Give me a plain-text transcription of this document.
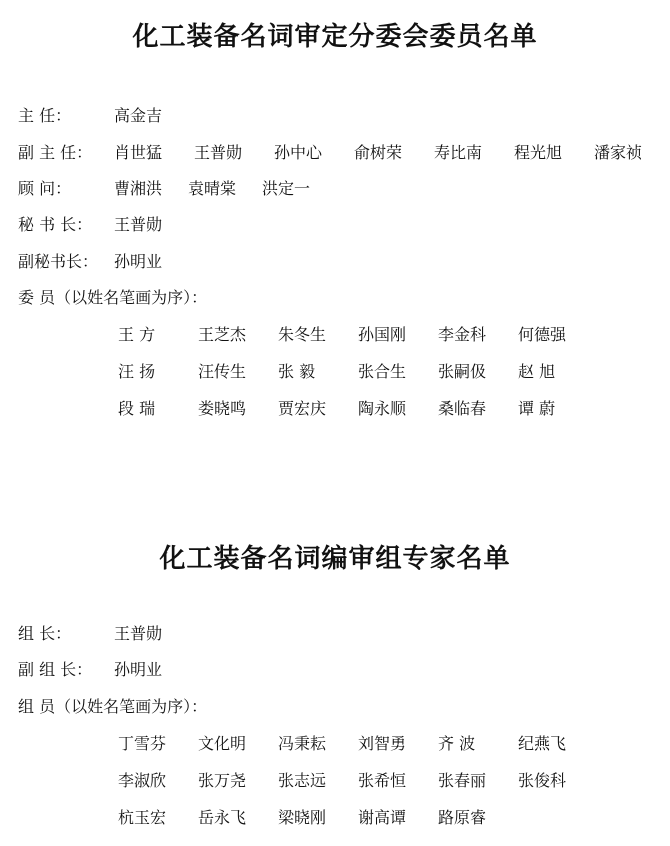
化工装备名词审定分委会委员名单
主 任：	高金吉
副 主 任： 肖世猛 王普勋 孙中心 俞树荣 寿比南 程光旭 潘家祯
顾 问：	曹湘洪 袁晴棠 洪定一
秘 书 长： 王普勋
副秘书长： 孙明业
委 员（以姓名笔画为序）：
王 方	王芝杰 朱冬生 孙国刚 李金科 何德强
汪 扬	汪传生 张 毅	张合生 张嗣伋 赵 旭
段 瑞	娄晓鸣 贾宏庆 陶永顺 桑临春 谭 蔚
化工装备名词编审组专家名单
组 长：	王普勋
副 组 长： 孙明业
组 员（以姓名笔画为序）：
丁雪芬 文化明 冯秉耘 刘智勇 齐 波	纪燕飞
李淑欣 张万尧 张志远 张希恒 张春丽 张俊科
杭玉宏 岳永飞 梁晓刚 谢高谭 路原睿
